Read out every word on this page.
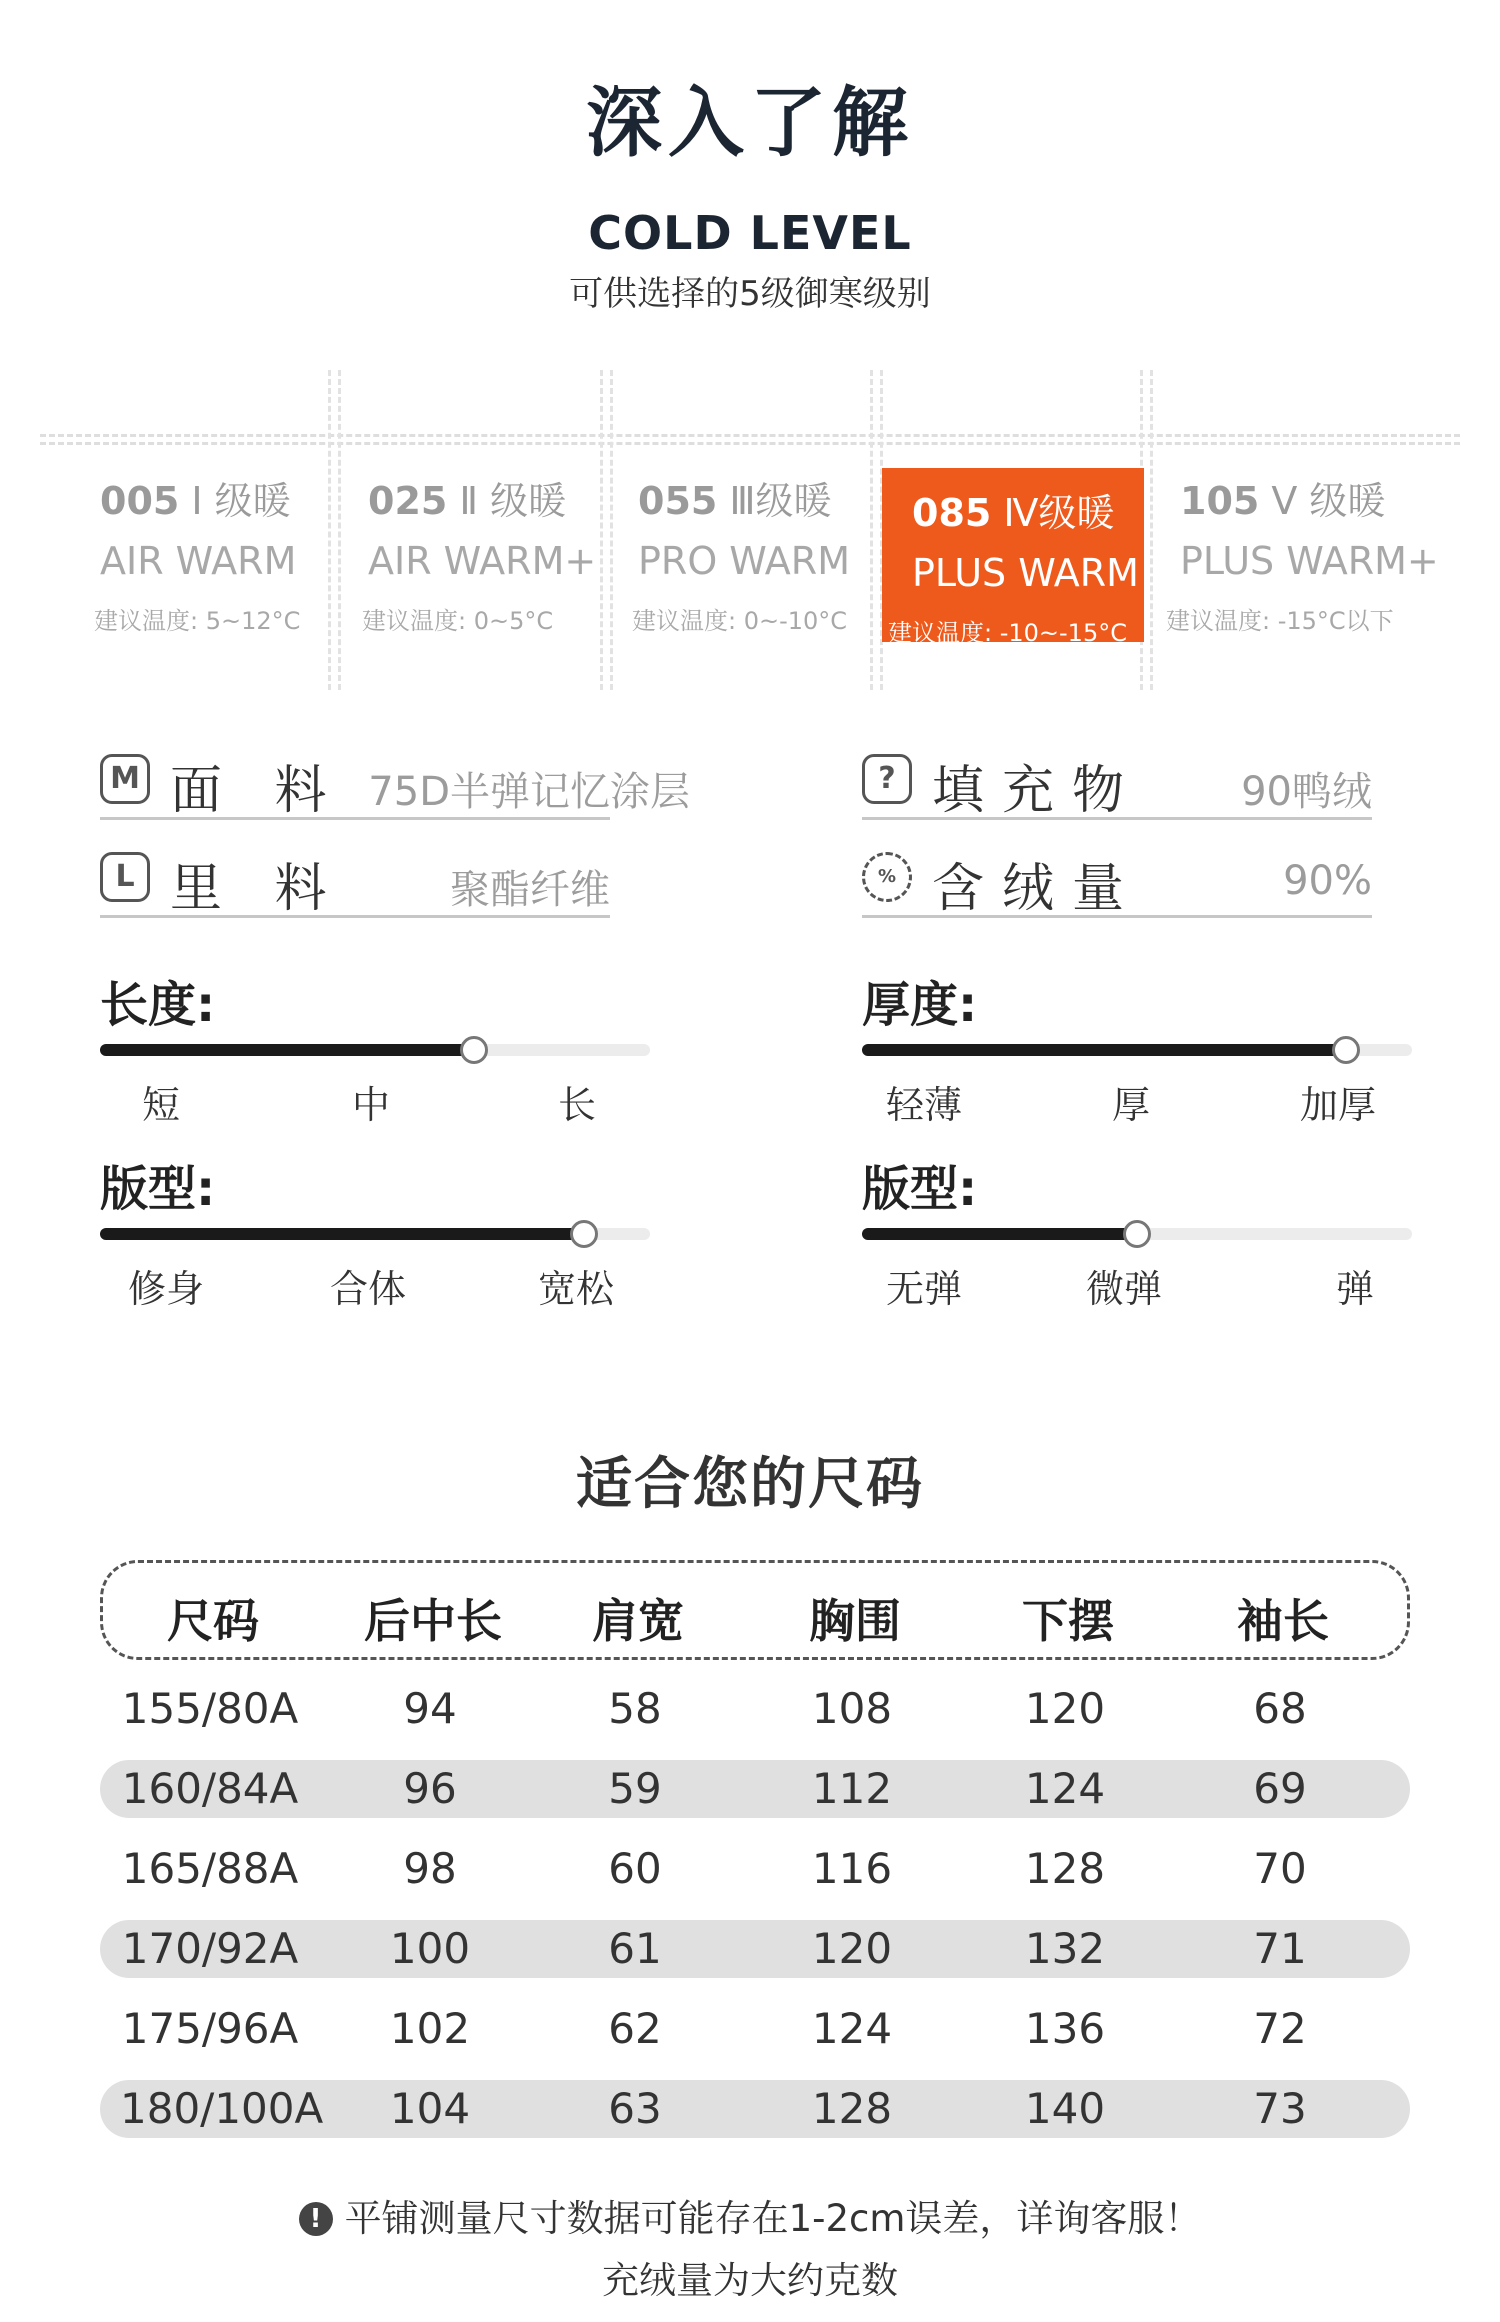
深入了解
COLD LEVEL
可供选择的5级御寒级别
005 Ⅰ 级暖
AIR WARM
建议温度: 5~12°C
025 Ⅱ 级暖
AIR WARM+
建议温度: 0~5°C
055 Ⅲ级暖
PRO WARM
建议温度: 0~-10°C
085 Ⅳ级暖
PLUS WARM
建议温度: -10~-15°C
105 Ⅴ 级暖
PLUS WARM+
建议温度: -15°C以下
M 面 料 75D半弹记忆涂层
L 里 料	聚酯纤维
? 填充物 90鸭绒
% 含绒量	90%
长度:
短	中	长
厚度:
轻薄	厚	加厚
版型:
修身	合体	宽松
版型:
无弹	微弹	弹
适合您的尺码
尺码	后中长	肩宽	胸围	下摆	袖长
155/80A	94	58	108	120	68
160/84A	96	59	112	124	69
165/88A	98	60	116	128	70
170/92A	100	61	120	132	71
175/96A	102	62	124	136	72
180/100A	104	63	128	140	73
! 平铺测量尺寸数据可能存在1-2cm误差，详询客服！
充绒量为大约克数
